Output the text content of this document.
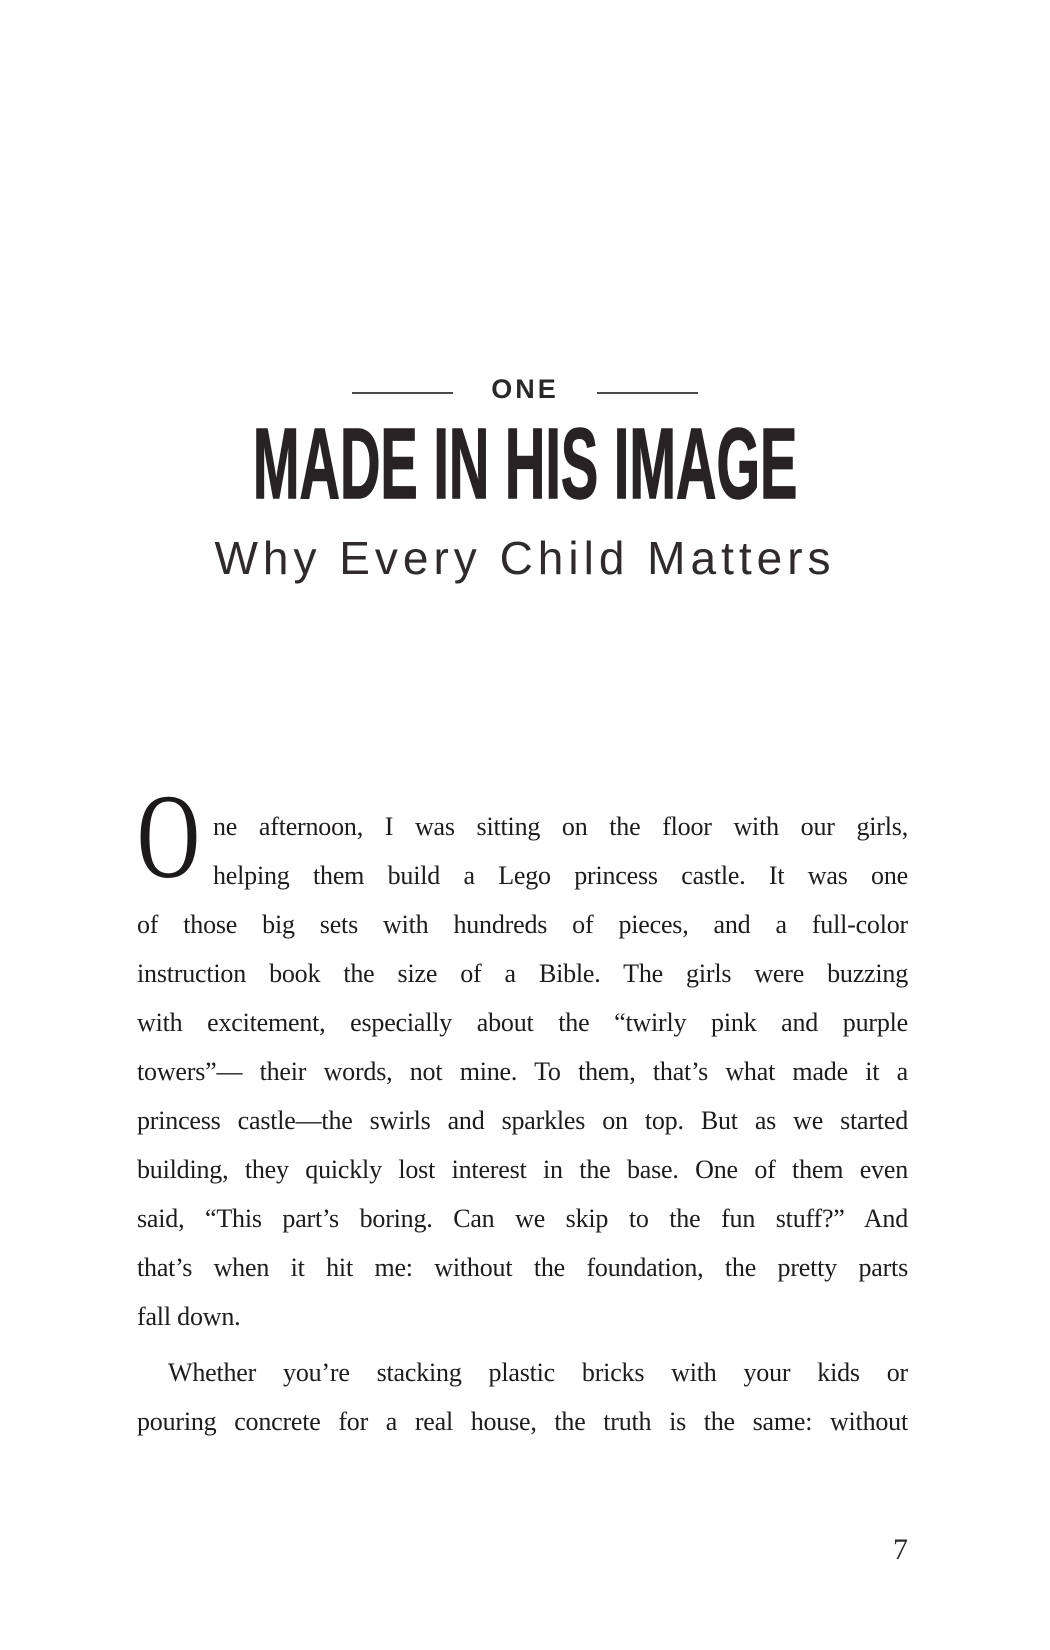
ONE
MADE IN HIS IMAGE
Why Every Child Matters
O ne afternoon, I was sitting on the floor with our girls,
helping them build a Lego princess castle. It was one
of those big sets with hundreds of pieces, and a full-color
instruction book the size of a Bible. The girls were buzzing
with excitement, especially about the “twirly pink and purple
towers”— their words, not mine. To them, that’s what made it a
princess castle—the swirls and sparkles on top. But as we started
building, they quickly lost interest in the base. One of them even
said, “This part’s boring. Can we skip to the fun stuff?” And
that’s when it hit me: without the foundation, the pretty parts
fall down.
Whether you’re stacking plastic bricks with your kids or
pouring concrete for a real house, the truth is the same: without
7
